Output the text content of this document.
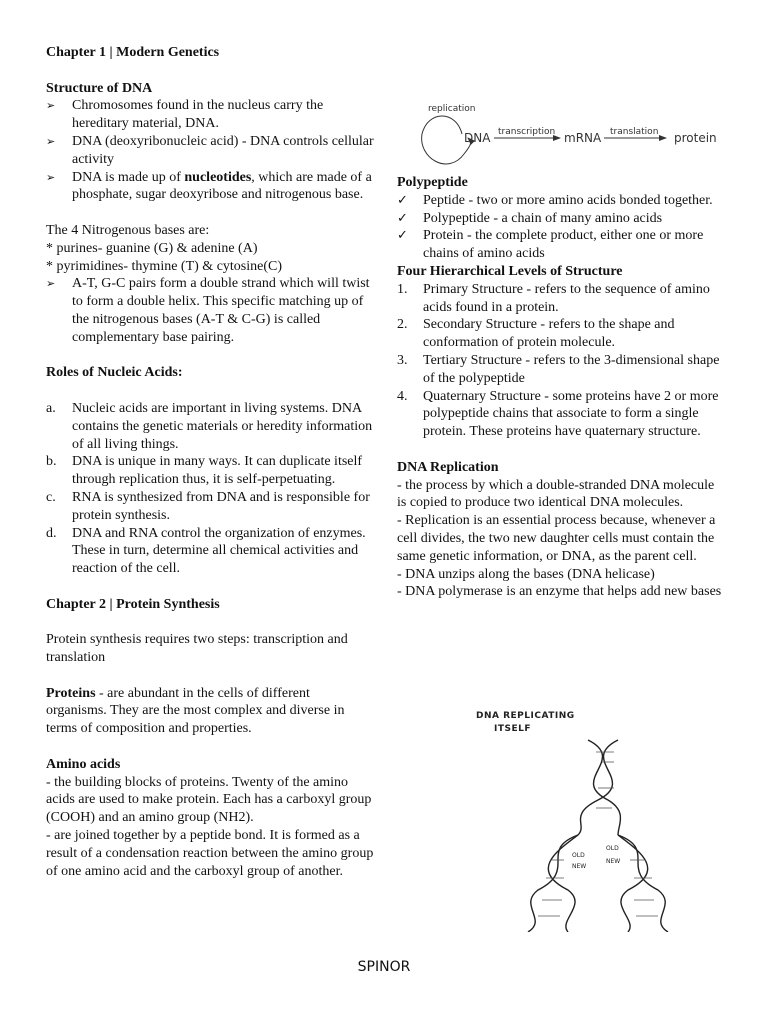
Chapter 1 | Modern Genetics
Structure of DNA
➢	Chromosomes found in the nucleus carry the hereditary material, DNA.
➢	DNA (deoxyribonucleic acid) - DNA controls cellular activity
➢	DNA is made up of nucleotides, which are made of a phosphate, sugar deoxyribose and nitrogenous base.
The 4 Nitrogenous bases are:
* purines- guanine (G) & adenine (A)
* pyrimidines- thymine (T) & cytosine(C)
➢	A-T, G-C pairs form a double strand which will twist to form a double helix. This specific matching up of the nitrogenous bases (A-T & C-G) is called complementary base pairing.
Roles of Nucleic Acids:
a.	Nucleic acids are important in living systems. DNA contains the genetic materials or heredity information of all living things.
b.	DNA is unique in many ways. It can duplicate itself through replication thus, it is self-perpetuating.
c.	RNA is synthesized from DNA and is responsible for protein synthesis.
d.	DNA and RNA control the organization of enzymes. These in turn, determine all chemical activities and reaction of the cell.
Chapter 2 | Protein Synthesis
Protein synthesis requires two steps: transcription and translation
Proteins - are abundant in the cells of different organisms. They are the most complex and diverse in terms of composition and properties.
Amino acids
- the building blocks of proteins. Twenty of the amino acids are used to make protein. Each has a carboxyl group (COOH) and an amino group (NH2).
- are joined together by a peptide bond. It is formed as a result of a condensation reaction between the amino group of one amino acid and the carboxyl group of another.
replication
DNA transcription mRNA translation protein
Polypeptide
✓	Peptide - two or more amino acids bonded together.
✓	Polypeptide - a chain of many amino acids
✓	Protein - the complete product, either one or more chains of amino acids
Four Hierarchical Levels of Structure
1.	Primary Structure - refers to the sequence of amino acids found in a protein.
2.	Secondary Structure - refers to the shape and conformation of protein molecule.
3.	Tertiary Structure - refers to the 3-dimensional shape of the polypeptide
4.	Quaternary Structure - some proteins have 2 or more polypeptide chains that associate to form a single protein. These proteins have quaternary structure.
DNA Replication
- the process by which a double-stranded DNA molecule is copied to produce two identical DNA molecules.
- Replication is an essential process because, whenever a cell divides, the two new daughter cells must contain the same genetic information, or DNA, as the parent cell.
- DNA unzips along the bases (DNA helicase)
- DNA polymerase is an enzyme that helps add new bases
DNA REPLICATING
ITSELF
OLD
NEW
OLD
NEW
SPINOR
